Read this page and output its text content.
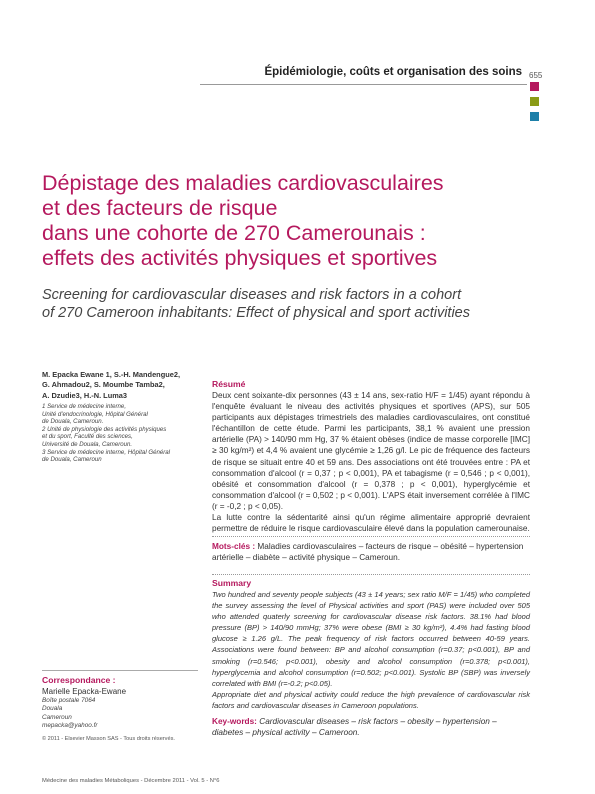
Épidémiologie, coûts et organisation des soins 655
Dépistage des maladies cardiovasculaires
et des facteurs de risque
dans une cohorte de 270 Camerounais :
effets des activités physiques et sportives
Screening for cardiovascular diseases and risk factors in a cohort
of 270 Cameroon inhabitants: Effect of physical and sport activities
M. Epacka Ewane 1, S.-H. Mandengue2,
G. Ahmadou2, S. Moumbe Tamba2,
A. Dzudie3, H.-N. Luma3

1 Service de médecine interne,

Unité d'endocrinologie, Hôpital Général

de Douala, Cameroun.

2 Unité de physiologie des activités physiques

et du sport, Faculté des sciences,

Université de Douala, Cameroun.

3 Service de médecine interne, Hôpital Général

de Douala, Cameroun

Résumé

Deux cent soixante-dix personnes (43 ± 14 ans, sex-ratio H/F = 1/45) ayant répondu à l'enquête évaluant le niveau des activités physiques et sportives (APS), sur 505 participants aux dépistages trimestriels des maladies cardiovasculaires, ont constitué l'échantillon de cette étude. Parmi les participants, 38,1 % avaient une pression artérielle (PA) > 140/90 mm Hg, 37 % étaient obèses (indice de masse corporelle [IMC] ≥ 30 kg/m²) et 4,4 % avaient une glycémie ≥ 1,26 g/l. Le pic de fréquence des facteurs de risque se situait entre 40 et 59 ans. Des associations ont été trouvées entre : PA et consommation d'alcool (r = 0,37 ; p < 0,001), PA et tabagisme (r = 0,546 ; p < 0,001), obésité et consommation d'alcool (r = 0,378 ; p < 0,001), hyperglycémie et consommation d'alcool (r = 0,502 ; p < 0,001). L'APS était inversement corrélée à l'IMC (r = -0,2 ; p < 0,05).

La lutte contre la sédentarité ainsi qu'un régime alimentaire approprié devraient permettre de réduire le risque cardiovasculaire élevé dans la population camerounaise.

Mots-clés : Maladies cardiovasculaires – facteurs de risque – obésité – hypertension artérielle – diabète – activité physique – Cameroun.
Summary

Two hundred and seventy people subjects (43 ± 14 years; sex ratio M/F = 1/45) who completed the survey assessing the level of Physical activities and sport (PAS) were included over 505 who attended quaterly screening for cardiovascular disease risk factors. 38.1% had blood pressure (BP) > 140/90 mmHg; 37% were obese (BMI ≥ 30 kg/m²), 4.4% had fasting blood glucose ≥ 1.26 g/L. The peak frequency of risk factors occurred between 40-59 years. Associations were found between: BP and alcohol consumption (r=0.37; p<0.001), BP and smoking (r=0.546; p<0.001), obesity and alcohol consumption (r=0.378; p<0.001), hyperglycemia and alcohol consumption (r=0.502; p<0.001). Systolic BP (SBP) was inversely correlated with BMI (r=-0.2; p<0.05).

Appropriate diet and physical activity could reduce the high prevalence of cardiovascular risk factors and cardiovascular diseases in Cameroon populations.

Key-words: Cardiovascular diseases – risk factors – obesity – hypertension – diabetes – physical activity – Cameroon.
Correspondance :
Marielle Epacka-Ewane
Boîte postale 7064
Douala
Cameroun
mepacka@yahoo.fr
© 2011 - Elsevier Masson SAS - Tous droits réservés.
Médecine des maladies Métaboliques - Décembre 2011 - Vol. 5 - N°6
